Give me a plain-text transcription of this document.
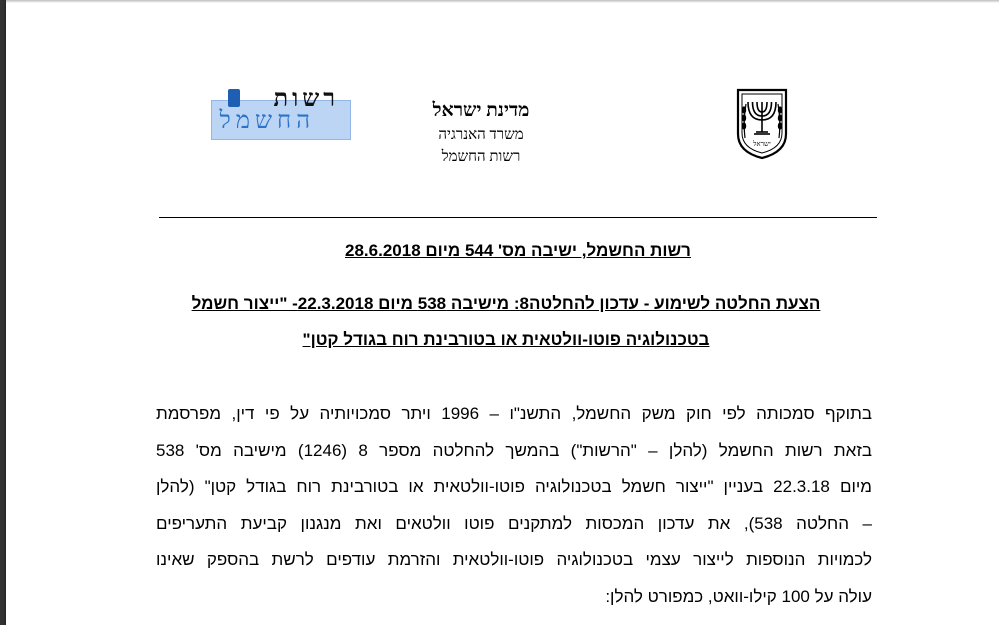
ישראל
מדינת ישראל
משרד האנרגיה
רשות החשמל
רשות
החשמל
רשות החשמל, ישיבה מס' 544 מיום 28.6.2018
הצעת החלטה לשימוע - עדכון להחלטה8: מישיבה 538 מיום 22.3.2018- "ייצור חשמל
בטכנולוגיה פוטו-וולטאית או בטורבינת רוח בגודל קטן"
בתוקף סמכותה לפי חוק משק החשמל, התשנ"ו – 1996 ויתר סמכויותיה על פי דין, מפרסמת
בזאת רשות החשמל (להלן – "הרשות") בהמשך להחלטה מספר 8 (1246) מישיבה מס' 538
מיום 22.3.18 בעניין "ייצור חשמל בטכנולוגיה פוטו-וולטאית או בטורבינת רוח בגודל קטן" (להלן
– החלטה 538), את עדכון המכסות למתקנים פוטו וולטאים ואת מנגנון קביעת התעריפים
לכמויות הנוספות לייצור עצמי בטכנולוגיה פוטו-וולטאית והזרמת עודפים לרשת בהספק שאינו
עולה על 100 קילו-וואט, כמפורט להלן:
